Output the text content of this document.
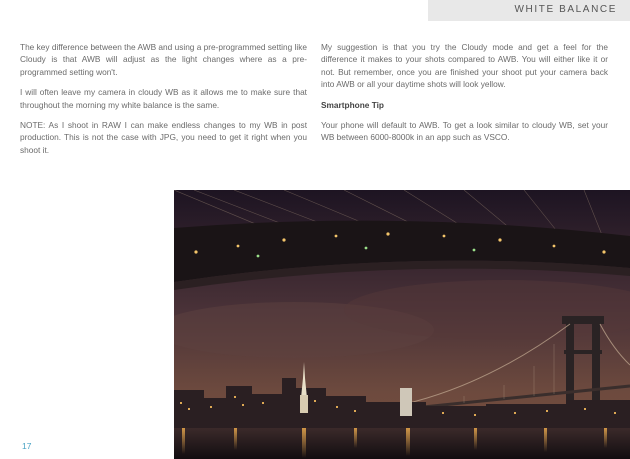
WHITE BALANCE

The key difference between the AWB and using a pre-programmed setting like Cloudy is that AWB will adjust as the light changes where as a pre-programmed setting won't.

I will often leave my camera in cloudy WB as it allows me to make sure that throughout the morning my white balance is the same.

NOTE: As I shoot in RAW I can make endless changes to my WB in post production. This is not the case with JPG, you need to get it right when you shoot it.

My suggestion is that you try the Cloudy mode and get a feel for the difference it makes to your shots compared to AWB. You will either like it or not. But remember, once you are finished your shoot put your camera back into AWB or all your daytime shots will look yellow.

Smartphone Tip

Your phone will default to AWB. To get a look similar to cloudy WB, set your WB between 6000-8000k in an app such as VSCO.

17
